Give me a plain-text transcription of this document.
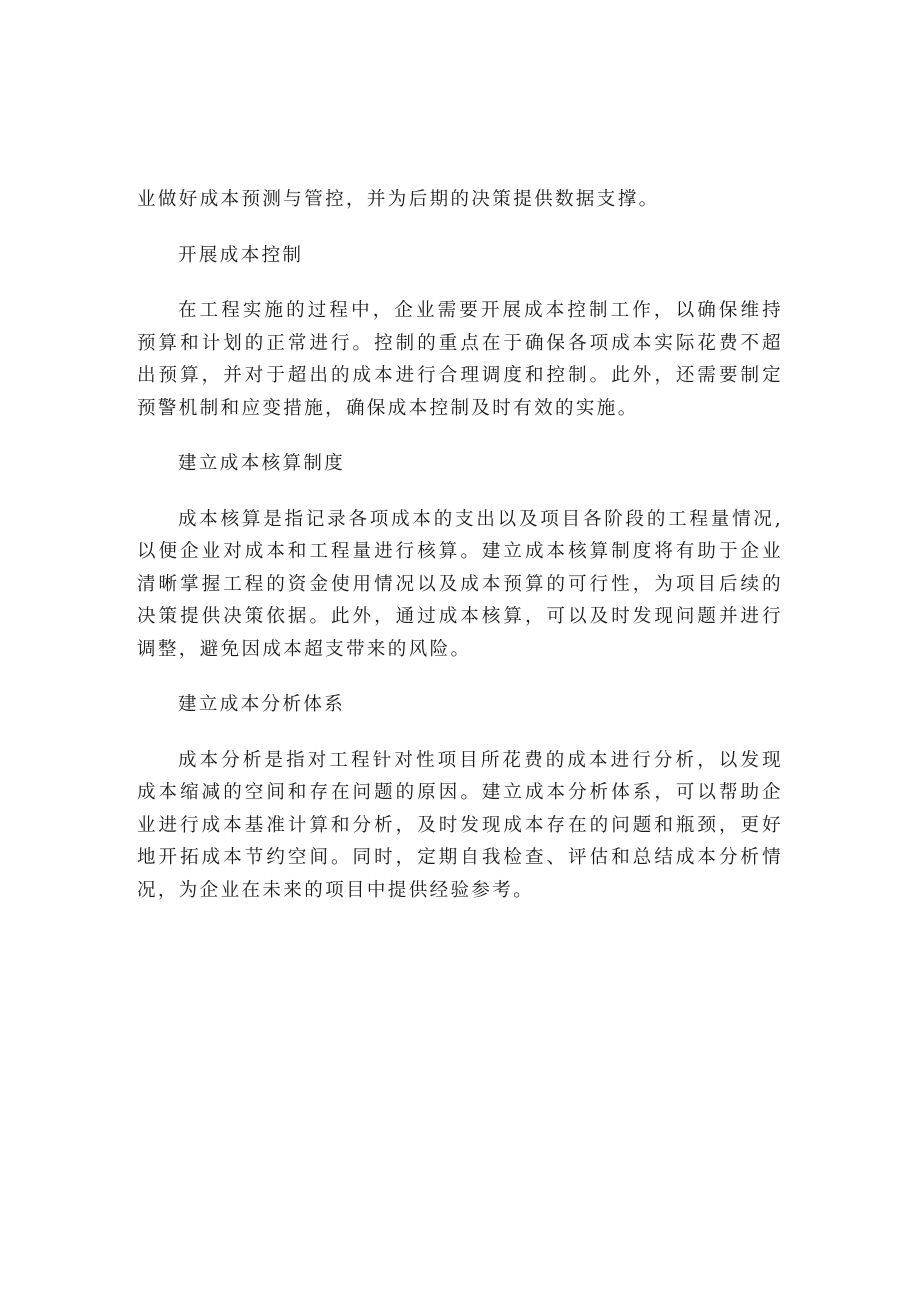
业做好成本预测与管控，并为后期的决策提供数据支撑。

开展成本控制

在工程实施的过程中，企业需要开展成本控制工作，以确保维持预算和计划的正常进行。控制的重点在于确保各项成本实际花费不超出预算，并对于超出的成本进行合理调度和控制。此外，还需要制定预警机制和应变措施，确保成本控制及时有效的实施。

建立成本核算制度

成本核算是指记录各项成本的支出以及项目各阶段的工程量情况,以便企业对成本和工程量进行核算。建立成本核算制度将有助于企业清晰掌握工程的资金使用情况以及成本预算的可行性，为项目后续的决策提供决策依据。此外，通过成本核算，可以及时发现问题并进行调整，避免因成本超支带来的风险。

建立成本分析体系

成本分析是指对工程针对性项目所花费的成本进行分析，以发现成本缩减的空间和存在问题的原因。建立成本分析体系，可以帮助企业进行成本基准计算和分析，及时发现成本存在的问题和瓶颈，更好地开拓成本节约空间。同时，定期自我检查、评估和总结成本分析情况，为企业在未来的项目中提供经验参考。
